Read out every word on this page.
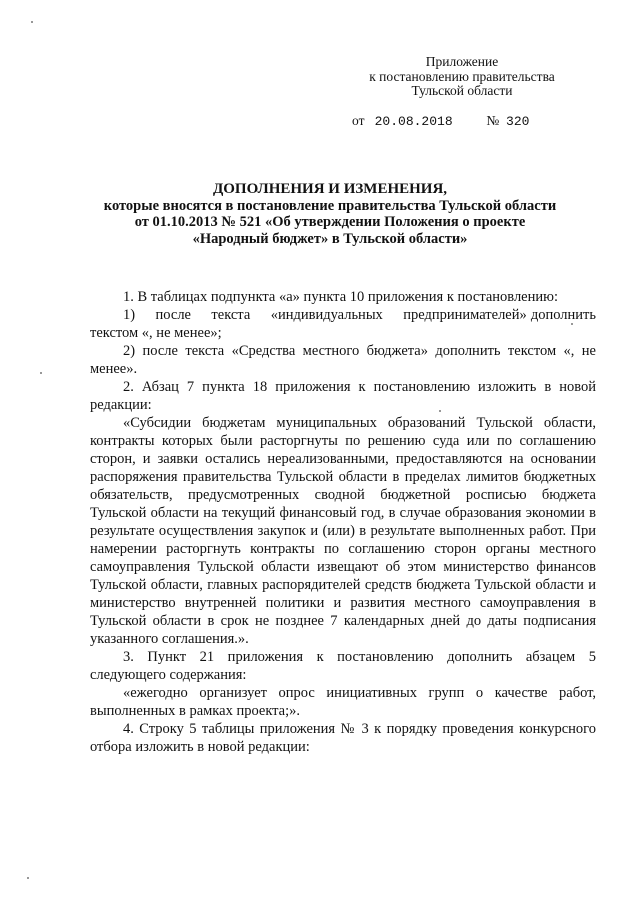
Приложение
к постановлению правительства
Тульской области
от 20.08.2018	№ 320
ДОПОЛНЕНИЯ И ИЗМЕНЕНИЯ,
которые вносятся в постановление правительства Тульской области
от 01.10.2013 № 521 «Об утверждении Положения о проекте
«Народный бюджет» в Тульской области»

1. В таблицах подпункта «а» пункта 10 приложения к постановлению:

1)     после     текста     «индивидуальных     предпринимателей» дополнить текстом «, не менее»;

2) после текста «Средства местного бюджета» дополнить текстом «, не менее».

2. Абзац 7 пункта 18 приложения к постановлению изложить в новой редакции:

«Субсидии бюджетам муниципальных образований Тульской области, контракты которых были расторгнуты по решению суда или по соглашению сторон, и заявки остались нереализованными, предоставляются на основании распоряжения правительства Тульской области в пределах лимитов бюджетных обязательств, предусмотренных сводной бюджетной росписью бюджета Тульской области на текущий финансовый год, в случае образования экономии в результате осуществления закупок и (или) в результате выполненных работ. При намерении расторгнуть контракты по соглашению сторон органы местного самоуправления Тульской области извещают об этом министерство финансов Тульской области, главных распорядителей средств бюджета Тульской области и министерство внутренней политики и развития местного самоуправления в Тульской области в срок не позднее 7 календарных дней до даты подписания указанного соглашения.».

3. Пункт 21 приложения к постановлению дополнить абзацем 5 следующего содержания:

«ежегодно организует опрос инициативных групп о качестве работ, выполненных в рамках проекта;».

4. Строку 5 таблицы приложения № 3 к порядку проведения конкурсного отбора изложить в новой редакции:
